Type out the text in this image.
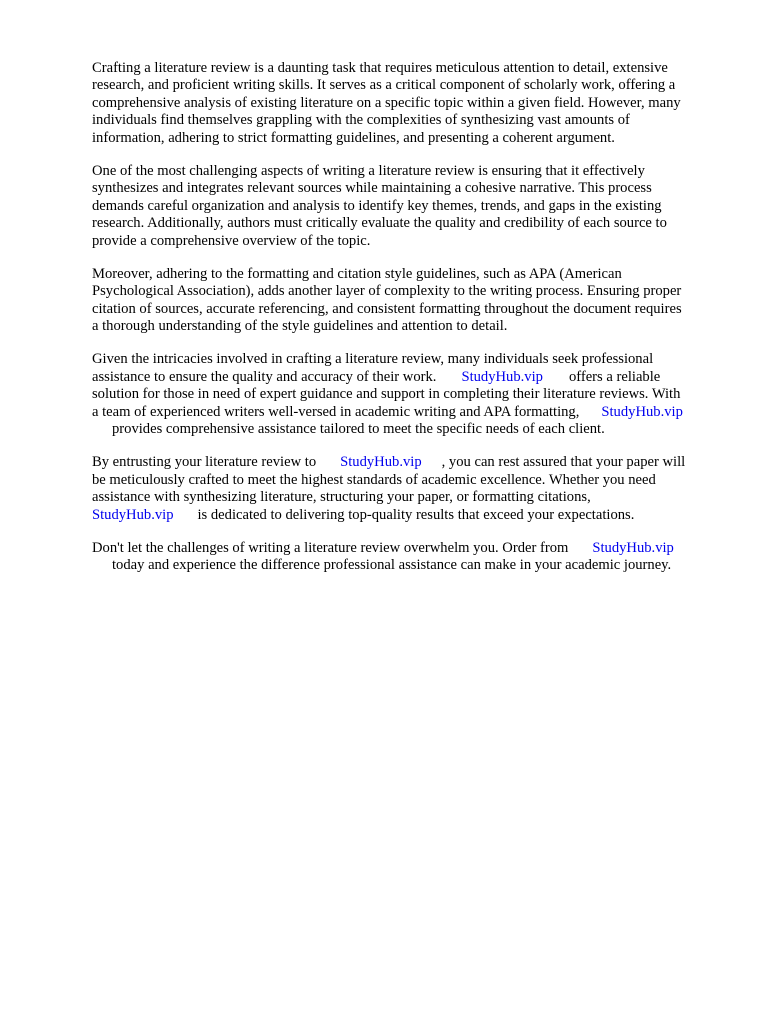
Crafting a literature review is a daunting task that requires meticulous attention to detail, extensive
research, and proficient writing skills. It serves as a critical component of scholarly work, offering a
comprehensive analysis of existing literature on a specific topic within a given field. However, many
individuals find themselves grappling with the complexities of synthesizing vast amounts of
information, adhering to strict formatting guidelines, and presenting a coherent argument.

One of the most challenging aspects of writing a literature review is ensuring that it effectively
synthesizes and integrates relevant sources while maintaining a cohesive narrative. This process
demands careful organization and analysis to identify key themes, trends, and gaps in the existing
research. Additionally, authors must critically evaluate the quality and credibility of each source to
provide a comprehensive overview of the topic.

Moreover, adhering to the formatting and citation style guidelines, such as APA (American
Psychological Association), adds another layer of complexity to the writing process. Ensuring proper
citation of sources, accurate referencing, and consistent formatting throughout the document requires
a thorough understanding of the style guidelines and attention to detail.

Given the intricacies involved in crafting a literature review, many individuals seek professional
assistance to ensure the quality and accuracy of their work. StudyHub.vip offers a reliable
solution for those in need of expert guidance and support in completing their literature reviews. With
a team of experienced writers well-versed in academic writing and APA formatting, StudyHub.vip
provides comprehensive assistance tailored to meet the specific needs of each client.

By entrusting your literature review to StudyHub.vip , you can rest assured that your paper will
be meticulously crafted to meet the highest standards of academic excellence. Whether you need
assistance with synthesizing literature, structuring your paper, or formatting citations,
StudyHub.vip is dedicated to delivering top-quality results that exceed your expectations.

Don't let the challenges of writing a literature review overwhelm you. Order from StudyHub.vip
today and experience the difference professional assistance can make in your academic journey.
